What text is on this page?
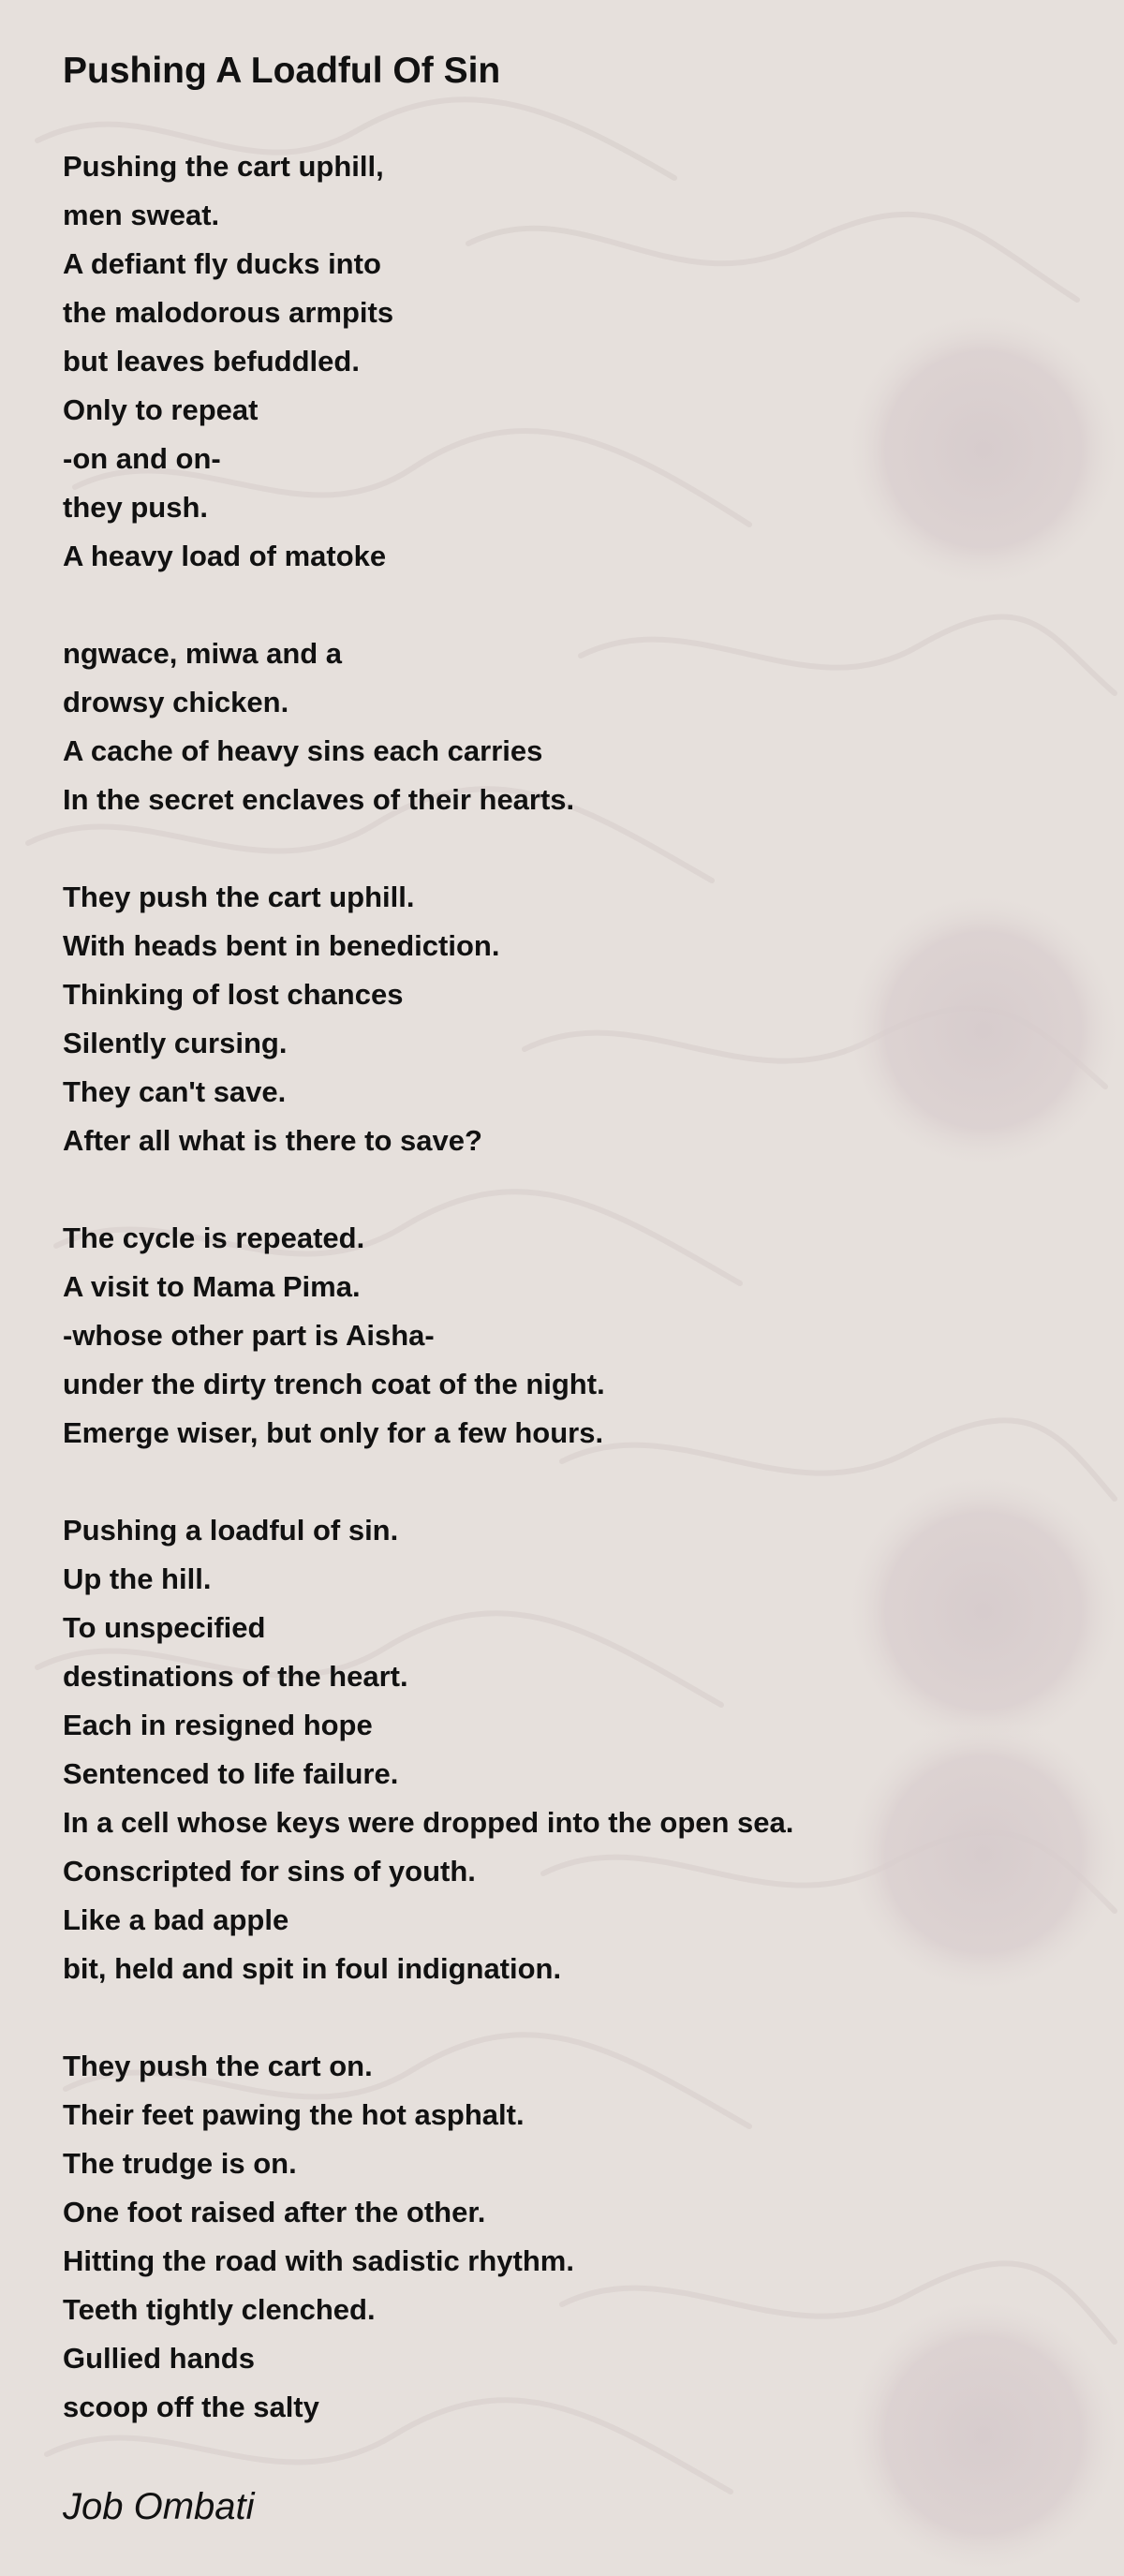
Pushing A Loadful Of Sin
Pushing the cart uphill,
men sweat.
A defiant fly ducks into
the malodorous armpits
but leaves befuddled.
Only to repeat
-on and on-
they push.
A heavy load of matoke
ngwace, miwa and a
drowsy chicken.
A cache of heavy sins each carries
In the secret enclaves of their hearts.
They push the cart uphill.
With heads bent in benediction.
Thinking of lost chances
Silently cursing.
They can't save.
After all what is there to save?
The cycle is repeated.
A visit to Mama Pima.
-whose other part is Aisha-
under the dirty trench coat of the night.
Emerge wiser, but only for a few hours.
Pushing a loadful of sin.
Up the hill.
To unspecified
destinations of the heart.
Each in resigned hope
Sentenced to life failure.
In a cell whose keys were dropped into the open sea.
Conscripted for sins of youth.
Like a bad apple
bit, held and spit in foul indignation.
They push the cart on.
Their feet pawing the hot asphalt.
The trudge is on.
One foot raised after the other.
Hitting the road with sadistic rhythm.
Teeth tightly clenched.
Gullied hands
scoop off the salty
Job Ombati
